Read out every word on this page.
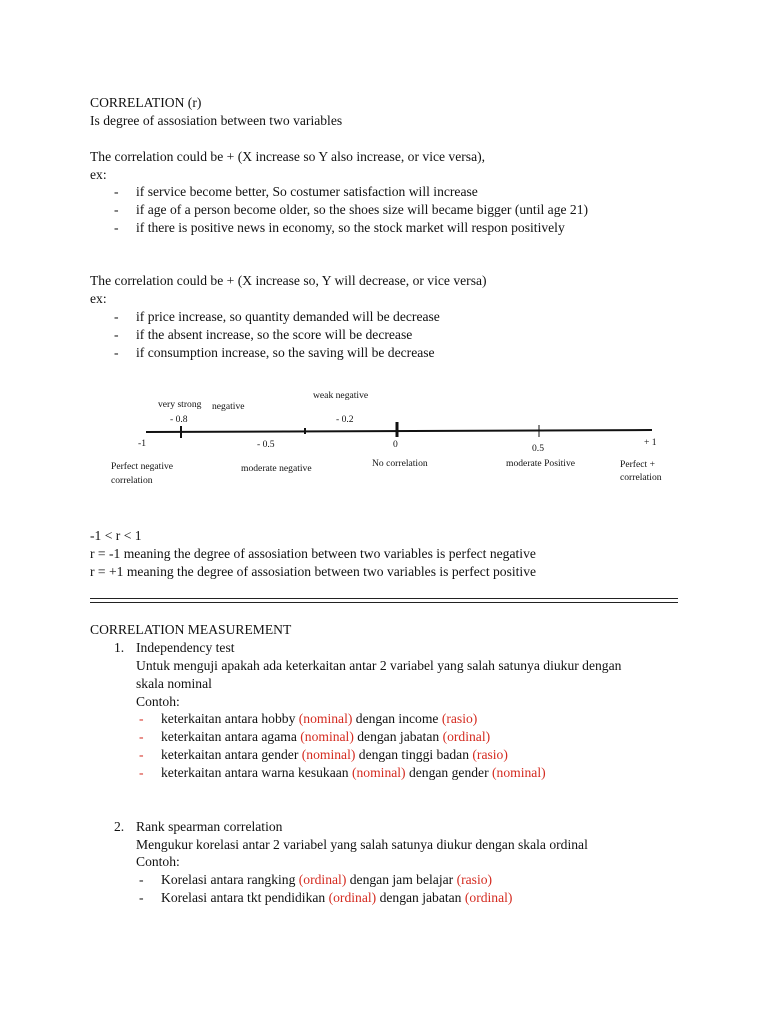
CORRELATION (r)
Is degree of assosiation between two variables
The correlation could be + (X increase so Y also increase, or vice versa),
ex:
-	if service become better, So costumer satisfaction will increase
-	if age of a person become older, so the shoes size will became bigger (until age 21)
-	if there is positive news in economy, so the stock market will respon positively
The correlation could be + (X increase so, Y will decrease, or vice versa)
ex:
-	if price increase, so quantity demanded will be decrease
-	if the absent increase, so the score will be decrease
-	if consumption increase, so the saving will be decrease
very strong negative
weak negative
- 0.8	- 0.2
-1	- 0.5	0	0.5
+ 1
Perfect negative
correlation
moderate negative	No correlation	moderate Positive	Perfect +
correlation
-1 < r < 1
r = -1 meaning the degree of assosiation between two variables is perfect negative
r = +1 meaning the degree of assosiation between two variables is perfect positive
CORRELATION MEASUREMENT
1. Independency test
Untuk menguji apakah ada keterkaitan antar 2 variabel yang salah satunya diukur dengan
skala nominal
Contoh:
-	keterkaitan antara hobby (nominal) dengan income (rasio)
-	keterkaitan antara agama (nominal) dengan jabatan (ordinal)
-	keterkaitan antara gender (nominal) dengan tinggi badan (rasio)
-	keterkaitan antara warna kesukaan (nominal) dengan gender (nominal)
2. Rank spearman correlation
Mengukur korelasi antar 2 variabel yang salah satunya diukur dengan skala ordinal
Contoh:
-	Korelasi antara rangking (ordinal) dengan jam belajar (rasio)
-	Korelasi antara tkt pendidikan (ordinal) dengan jabatan (ordinal)
